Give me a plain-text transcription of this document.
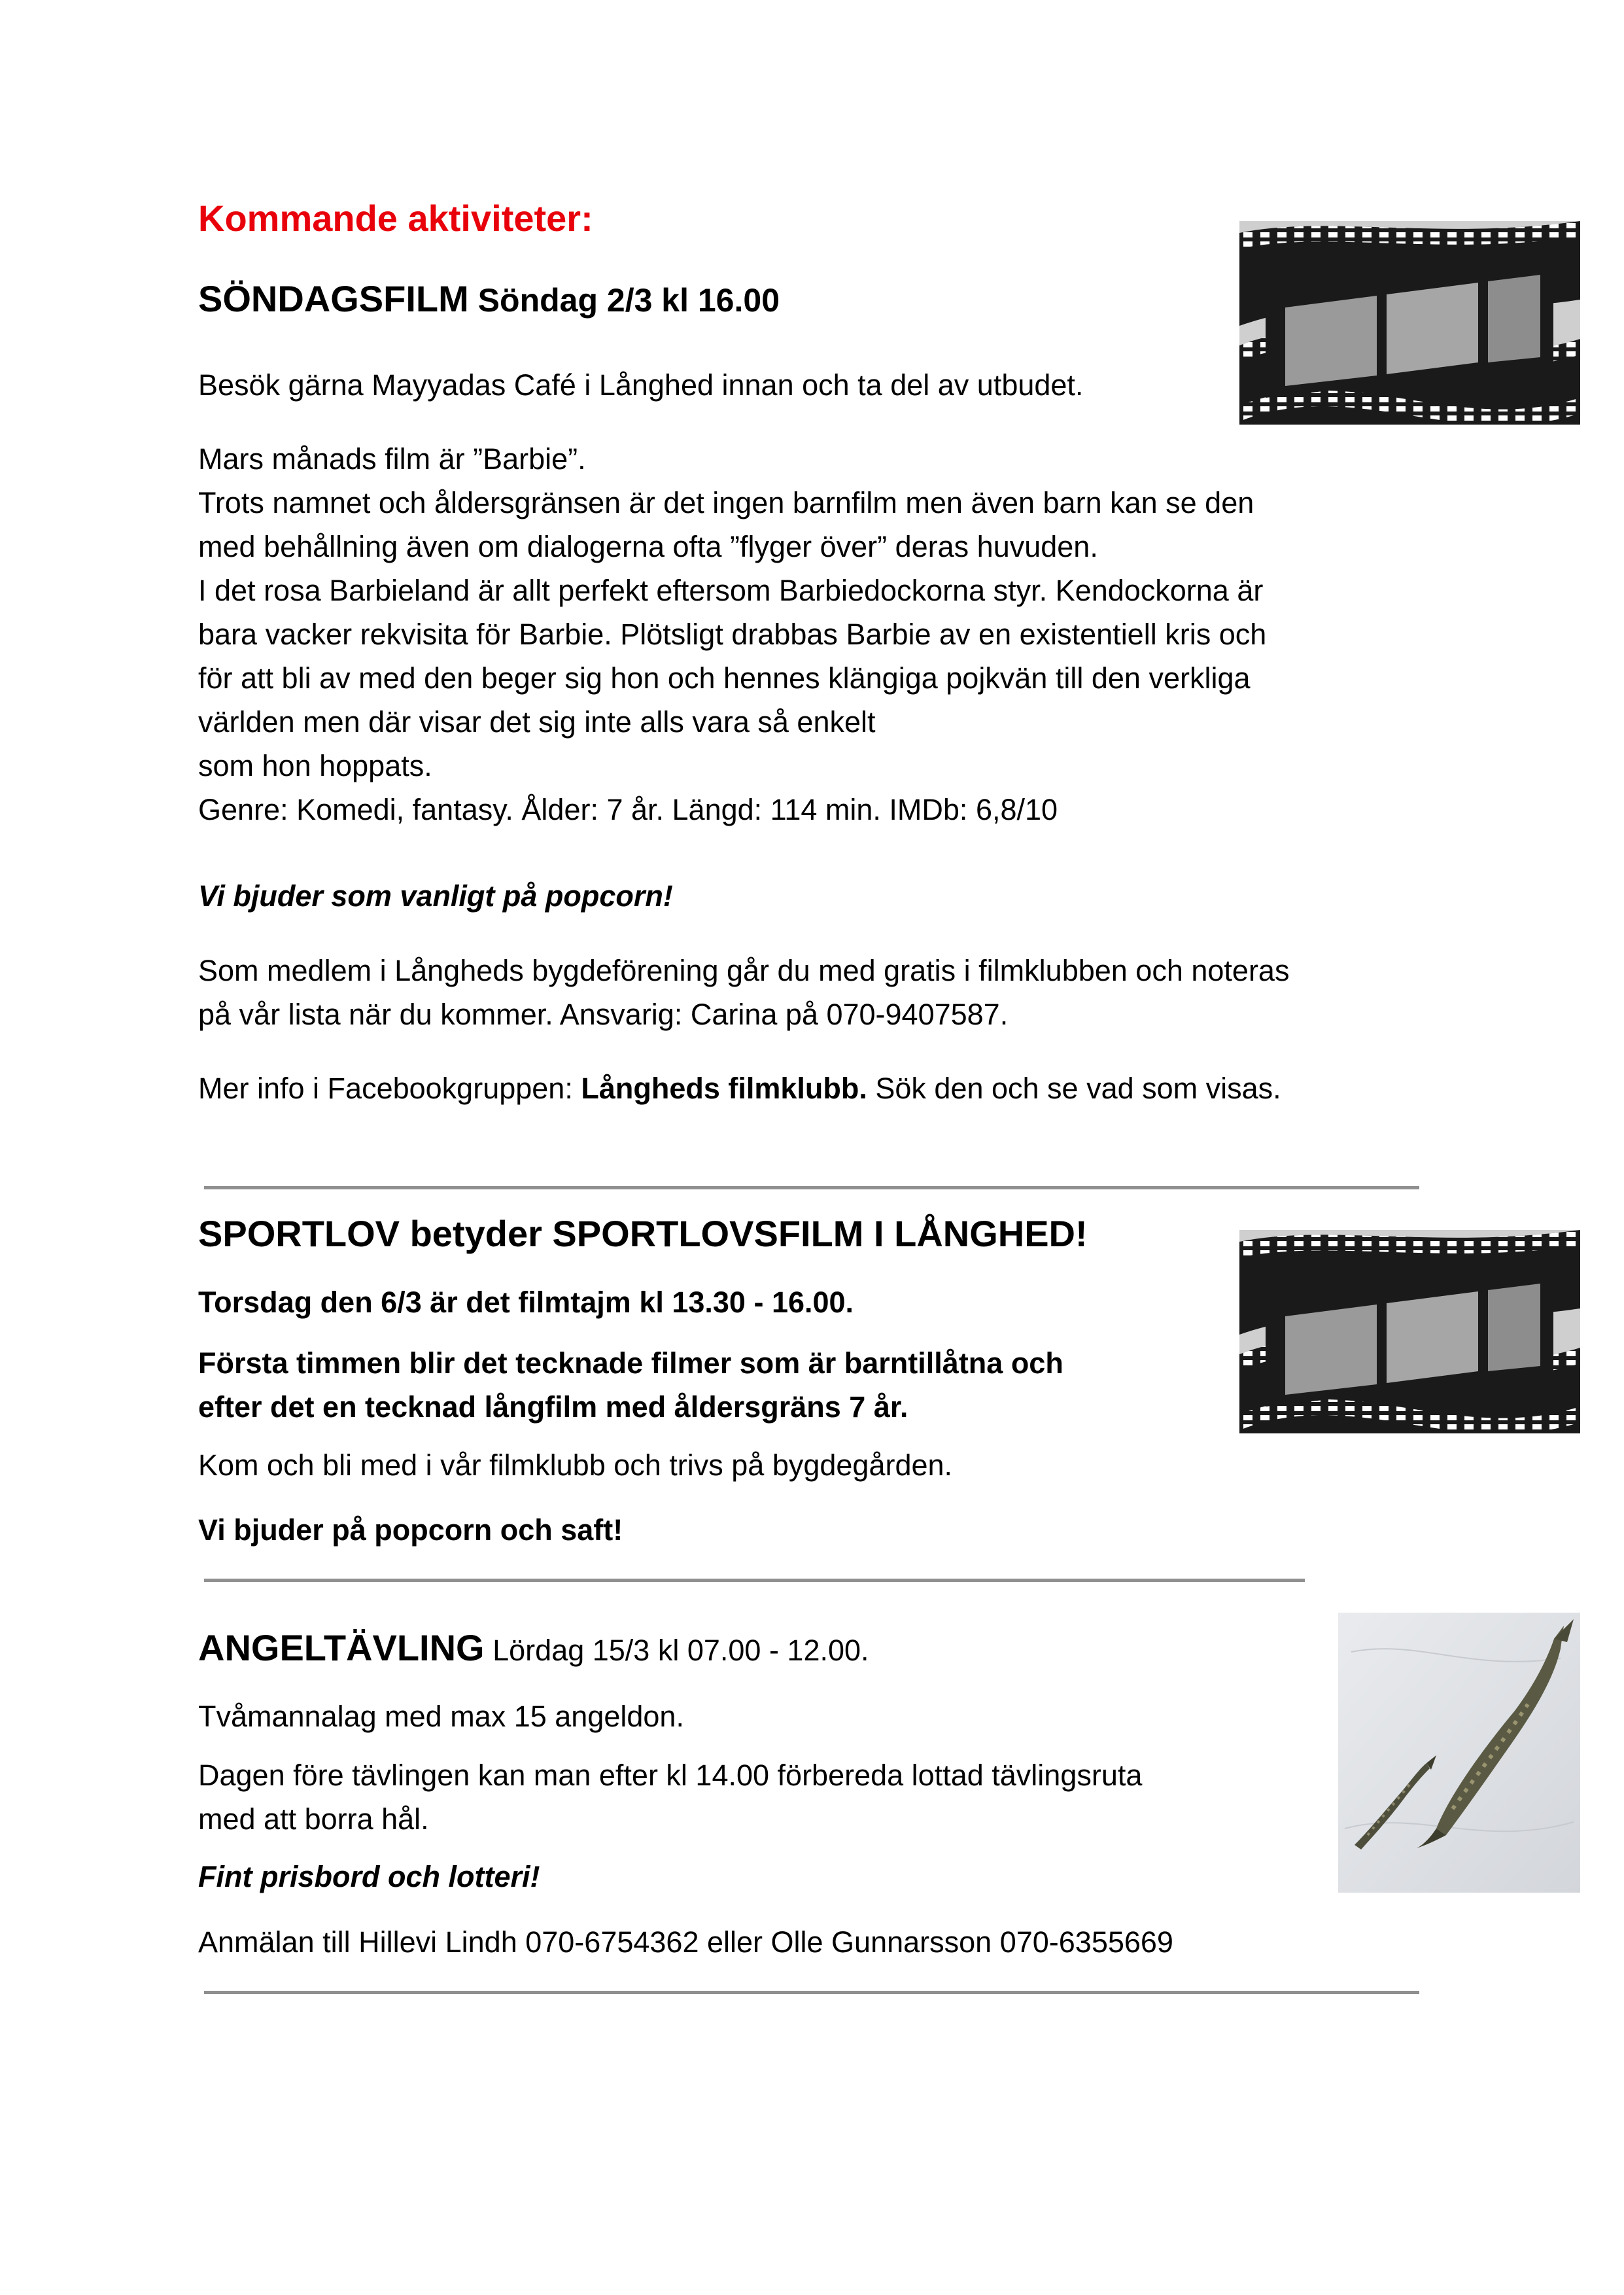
Kommande aktiviteter:
SÖNDAGSFILM Söndag 2/3 kl 16.00
Besök gärna Mayyadas Café i Långhed innan och ta del av utbudet.
Mars månads film är ”Barbie”.
Trots namnet och åldersgränsen är det ingen barnfilm men även barn kan se den
med behållning även om dialogerna ofta ”flyger över” deras huvuden.
I det rosa Barbieland är allt perfekt eftersom Barbiedockorna styr. Kendockorna är
bara vacker rekvisita för Barbie. Plötsligt drabbas Barbie av en existentiell kris och
för att bli av med den beger sig hon och hennes klängiga pojkvän till den verkliga
världen men där visar det sig inte alls vara så enkelt
som hon hoppats.
Genre: Komedi, fantasy. Ålder: 7 år. Längd: 114 min. IMDb: 6,8/10
Vi bjuder som vanligt på popcorn!
Som medlem i Långheds bygdeförening går du med gratis i filmklubben och noteras
på vår lista när du kommer. Ansvarig: Carina på 070-9407587.
Mer info i Facebookgruppen: Långheds filmklubb. Sök den och se vad som visas.
SPORTLOV betyder SPORTLOVSFILM I LÅNGHED!
Torsdag den 6/3 är det filmtajm kl 13.30 - 16.00.
Första timmen blir det tecknade filmer som är barntillåtna och
efter det en tecknad långfilm med åldersgräns 7 år.
Kom och bli med i vår filmklubb och trivs på bygdegården.
Vi bjuder på popcorn och saft!
ANGELTÄVLING Lördag 15/3 kl 07.00 - 12.00.
Tvåmannalag med max 15 angeldon.
Dagen före tävlingen kan man efter kl 14.00 förbereda lottad tävlingsruta
med att borra hål.
Fint prisbord och lotteri!
Anmälan till Hillevi Lindh 070-6754362 eller Olle Gunnarsson 070-6355669
